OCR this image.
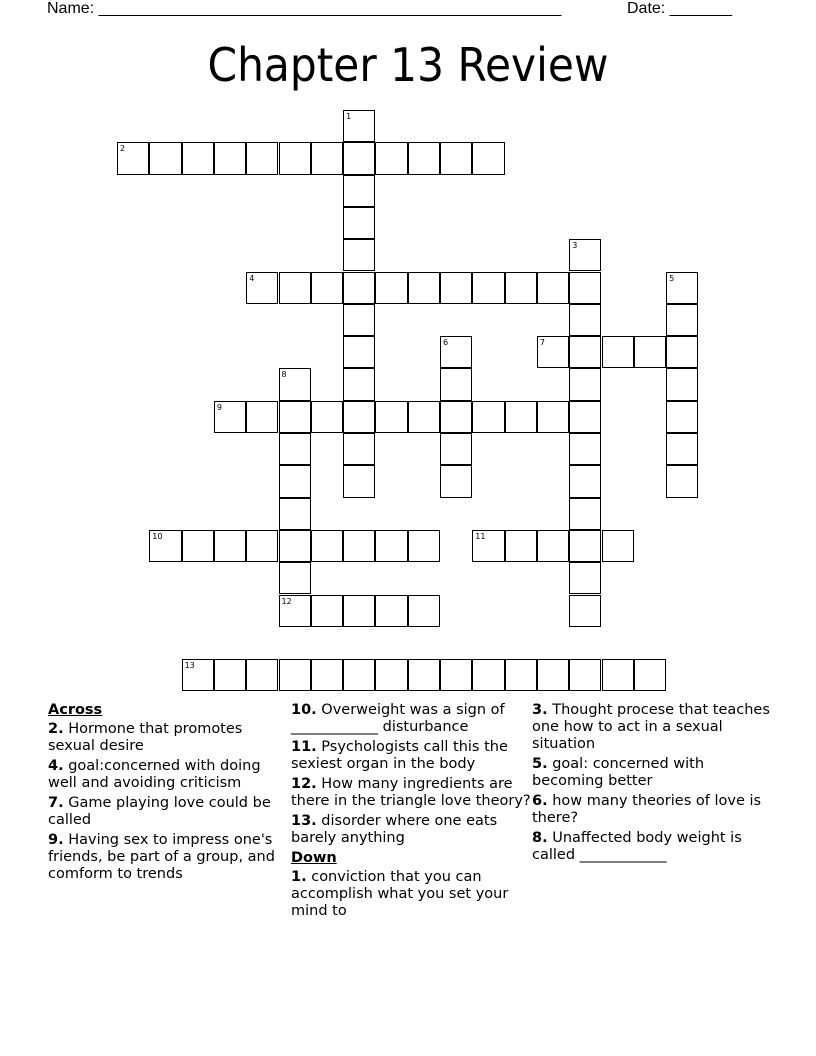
Name: ____________________________________________________	Date: _______
Chapter 13 Review
1
2
3
4	5
6	7
8
12
9
10	11
13
Across
2. Hormone that promotes sexual desire
4. goal:concerned with doing well and avoiding criticism
7. Game playing love could be called
9. Having sex to impress one's friends, be part of a group, and comform to trends
10. Overweight was a sign of ____________ disturbance
11. Psychologists call this the sexiest organ in the body
12. How many ingredients are there in the triangle love theory?
13. disorder where one eats barely anything
Down
1. conviction that you can accomplish what you set your mind to
3. Thought procese that teaches one how to act in a sexual situation
5. goal: concerned with becoming better
6. how many theories of love is there?
8. Unaffected body weight is called ____________
